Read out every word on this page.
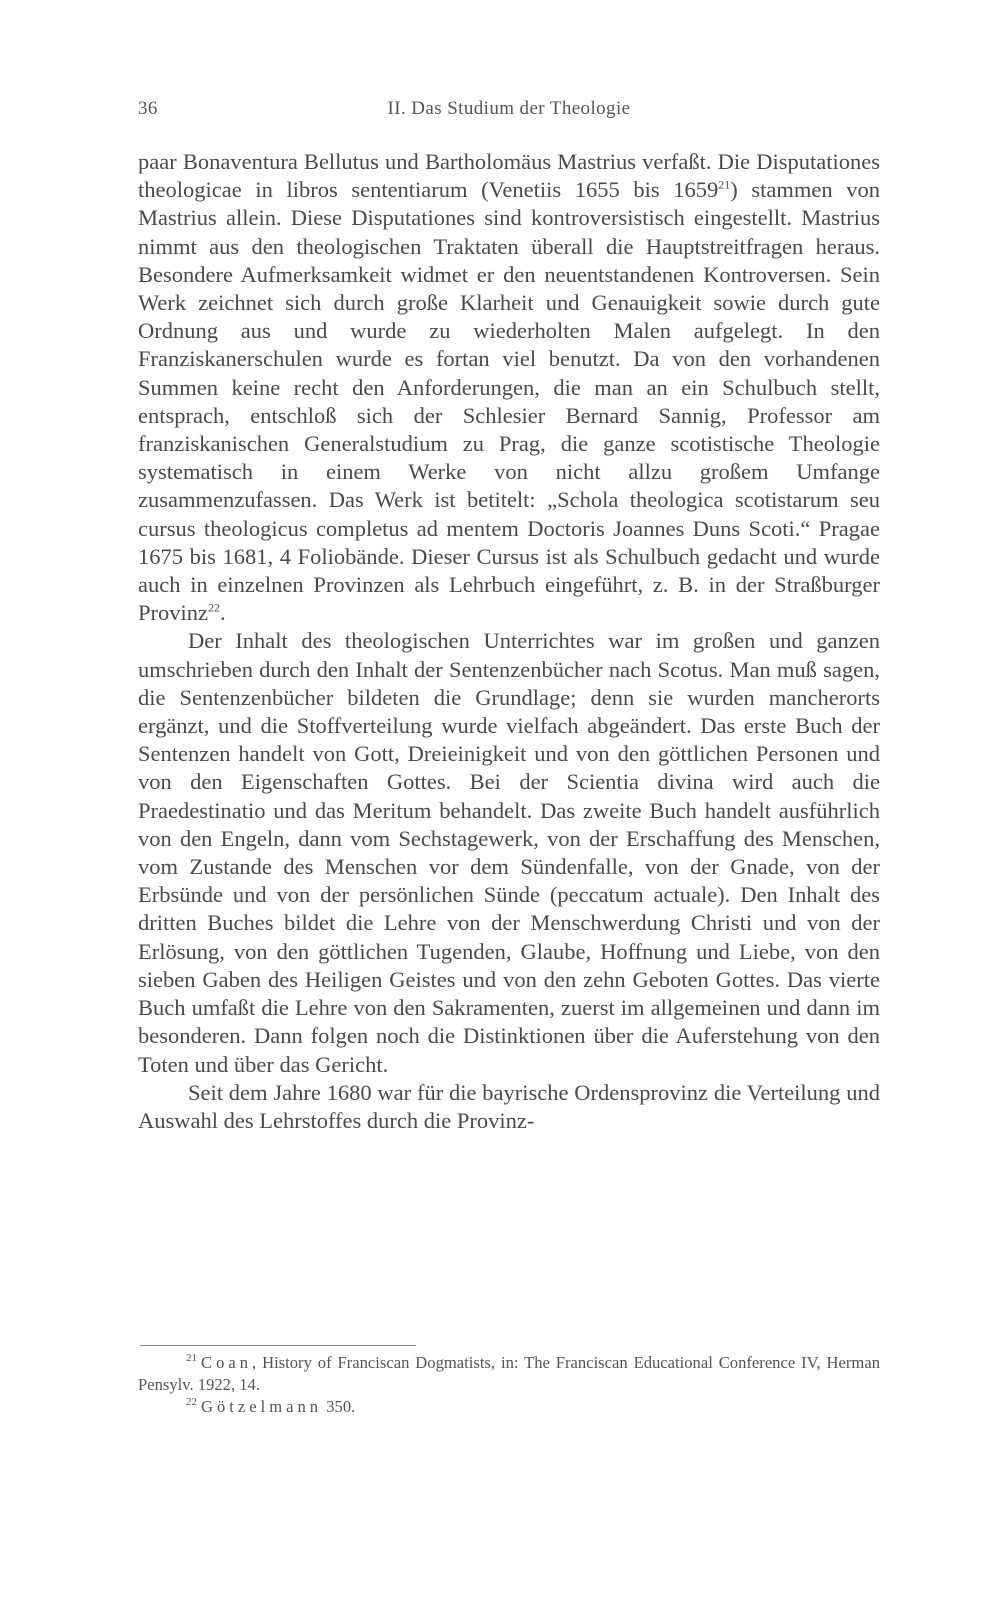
36	II. Das Studium der Theologie

paar Bonaventura Bellutus und Bartholomäus Mastrius verfaßt. Die Disputationes theologicae in libros sententiarum (Venetiis 1655 bis 1659$^{21}$) stammen von Mastrius allein. Diese Disputationes sind kontroversistisch eingestellt. Mastrius nimmt aus den theologischen Traktaten überall die Hauptstreitfragen heraus. Besondere Aufmerksamkeit widmet er den neuentstandenen Kontroversen. Sein Werk zeichnet sich durch große Klarheit und Genauigkeit sowie durch gute Ordnung aus und wurde zu wiederholten Malen aufgelegt. In den Franziskanerschulen wurde es fortan viel benutzt. Da von den vorhandenen Summen keine recht den Anforderungen, die man an ein Schulbuch stellt, entsprach, entschloß sich der Schlesier Bernard Sannig, Professor am franziskanischen Generalstudium zu Prag, die ganze scotistische Theologie systematisch in einem Werke von nicht allzu großem Umfange zusammenzufassen. Das Werk ist betitelt: „Schola theologica scotistarum seu cursus theologicus completus ad mentem Doctoris Joannes Duns Scoti.“ Pragae 1675 bis 1681, 4 Foliobände. Dieser Cursus ist als Schulbuch gedacht und wurde auch in einzelnen Provinzen als Lehrbuch eingeführt, z. B. in der Straßburger Provinz$^{22}$.

Der Inhalt des theologischen Unterrichtes war im großen und ganzen umschrieben durch den Inhalt der Sentenzenbücher nach Scotus. Man muß sagen, die Sentenzenbücher bildeten die Grundlage; denn sie wurden mancherorts ergänzt, und die Stoffverteilung wurde vielfach abgeändert. Das erste Buch der Sentenzen handelt von Gott, Dreieinigkeit und von den göttlichen Personen und von den Eigenschaften Gottes. Bei der Scientia divina wird auch die Praedestinatio und das Meritum behandelt. Das zweite Buch handelt ausführlich von den Engeln, dann vom Sechstagewerk, von der Erschaffung des Menschen, vom Zustande des Menschen vor dem Sündenfalle, von der Gnade, von der Erbsünde und von der persönlichen Sünde (peccatum actuale). Den Inhalt des dritten Buches bildet die Lehre von der Menschwerdung Christi und von der Erlösung, von den göttlichen Tugenden, Glaube, Hoffnung und Liebe, von den sieben Gaben des Heiligen Geistes und von den zehn Geboten Gottes. Das vierte Buch umfaßt die Lehre von den Sakramenten, zuerst im allgemeinen und dann im besonderen. Dann folgen noch die Distinktionen über die Auferstehung von den Toten und über das Gericht.

Seit dem Jahre 1680 war für die bayrische Ordensprovinz die Verteilung und Auswahl des Lehrstoffes durch die Provinz-

$^{21}$ Coan, History of Franciscan Dogmatists, in: The Franciscan Educational Conference IV, Herman Pensylv. 1922, 14.

$^{22}$ Götzelmann 350.
